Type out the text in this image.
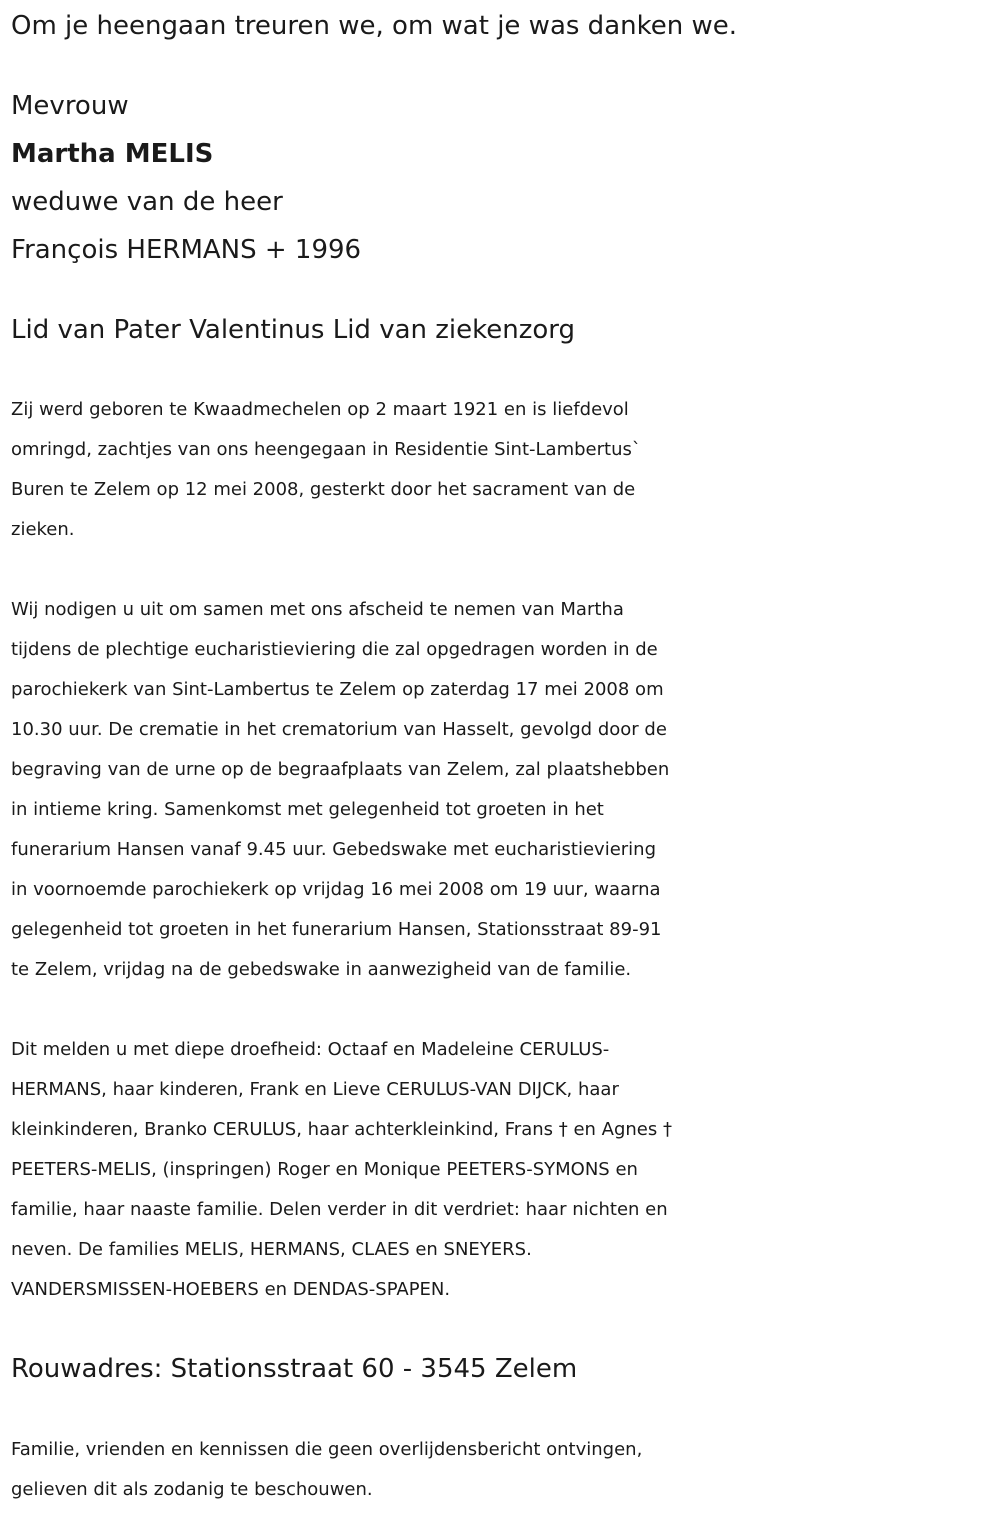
Om je heengaan treuren we, om wat je was danken we.
Mevrouw
Martha MELIS
weduwe van de heer
François HERMANS + 1996
Lid van Pater Valentinus Lid van ziekenzorg
Zij werd geboren te Kwaadmechelen op 2 maart 1921 en is liefdevol
omringd, zachtjes van ons heengegaan in Residentie Sint-Lambertus`
Buren te Zelem op 12 mei 2008, gesterkt door het sacrament van de
zieken.
Wij nodigen u uit om samen met ons afscheid te nemen van Martha
tijdens de plechtige eucharistieviering die zal opgedragen worden in de
parochiekerk van Sint-Lambertus te Zelem op zaterdag 17 mei 2008 om
10.30 uur. De crematie in het crematorium van Hasselt, gevolgd door de
begraving van de urne op de begraafplaats van Zelem, zal plaatshebben
in intieme kring. Samenkomst met gelegenheid tot groeten in het
funerarium Hansen vanaf 9.45 uur. Gebedswake met eucharistieviering
in voornoemde parochiekerk op vrijdag 16 mei 2008 om 19 uur, waarna
gelegenheid tot groeten in het funerarium Hansen, Stationsstraat 89-91
te Zelem, vrijdag na de gebedswake in aanwezigheid van de familie.
Dit melden u met diepe droefheid: Octaaf en Madeleine CERULUS-
HERMANS, haar kinderen, Frank en Lieve CERULUS-VAN DIJCK, haar
kleinkinderen, Branko CERULUS, haar achterkleinkind, Frans † en Agnes †
PEETERS-MELIS, (inspringen) Roger en Monique PEETERS-SYMONS en
familie, haar naaste familie. Delen verder in dit verdriet: haar nichten en
neven. De families MELIS, HERMANS, CLAES en SNEYERS.
VANDERSMISSEN-HOEBERS en DENDAS-SPAPEN.
Rouwadres: Stationsstraat 60 - 3545 Zelem
Familie, vrienden en kennissen die geen overlijdensbericht ontvingen,
gelieven dit als zodanig te beschouwen.
